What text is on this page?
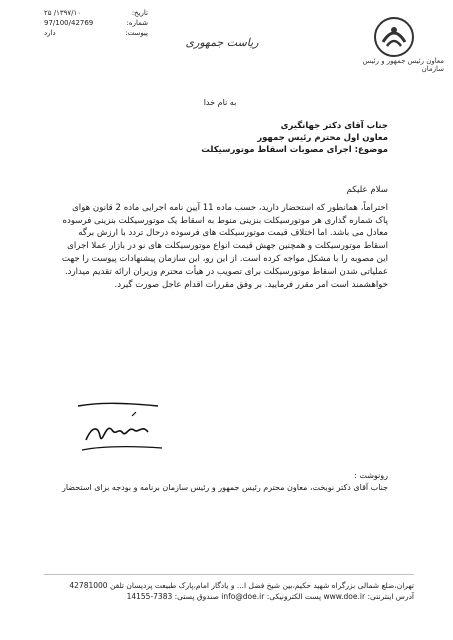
تاریخ:
۱۳۹۷/۱۰/ ۲۵
شماره:
97/100/42769
پیوست:
دارد
ریاست جمهوری
معاون رئیس جمهور و رئیس سازمان
به نام خدا
جناب آقای دکتر جهانگیری
معاون اول محترم رئیس جمهور
موضوع: اجرای مصوبات اسقاط موتورسیکلت

سلام علیکم

احتراماً، همانطور که استحضار دارید، حسب ماده 11 آیین نامه اجرایی ماده 2 قانون هوای

پاک شماره گذاری هر موتورسیکلت بنزینی منوط به اسقاط یک موتورسیکلت بنزینی فرسوده

معادل می باشد. اما اختلاف قیمت موتورسیکلت های فرسوده درحال تردد با ارزش برگه

اسقاط موتورسیکلت و همچنین جهش قیمت انواع موتورسیکلت های نو در بازار عملا اجرای

این مصوبه را با مشکل مواجه کرده است. از این رو، این سازمان پیشنهادات پیوست را جهت

عملیاتی شدن اسقاط موتورسیکلت برای تصویب در هیأت محترم وزیران ارائه تقدیم میدارد.

خواهشمند است امر مقرر فرمایید. بر وفق مقررات اقدام عاجل صورت گیرد.

رونوشت :
جناب آقای دکتر نوبخت، معاون محترم رئیس جمهور و رئیس سازمان برنامه و بودجه برای استحضار
تهران،ضلع شمالی بزرگراه شهید حکیم،بین شیخ فضل ا... و یادگار امام،پارک طبیعت پردیسان تلفن 42781000
آدرس اینترنتی: www.doe.ir پست الکترونیکی: info@doe.ir صندوق پستی: 7383-14155
